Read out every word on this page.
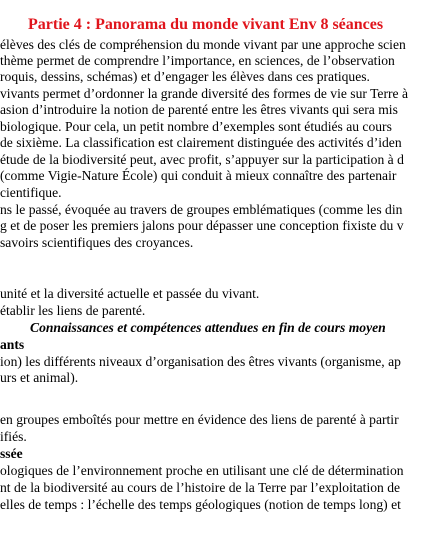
Partie 4 : Panorama du monde vivant Env 8 séances
élèves des clés de compréhension du monde vivant par une approche scien
thème permet de comprendre l’importance, en sciences, de l’observation
roquis, dessins, schémas) et d’engager les élèves dans ces pratiques.
vivants permet d’ordonner la grande diversité des formes de vie sur Terre à
asion d’introduire la notion de parenté entre les êtres vivants qui sera mis
biologique. Pour cela, un petit nombre d’exemples sont étudiés au cours
de sixième. La classification est clairement distinguée des activités d’iden
étude de la biodiversité peut, avec profit, s’appuyer sur la participation à d
(comme Vigie-Nature École) qui conduit à mieux connaître des partenair
cientifique.
ns le passé, évoquée au travers de groupes emblématiques (comme les din
g et de poser les premiers jalons pour dépasser une conception fixiste du v
savoirs scientifiques des croyances.
unité et la diversité actuelle et passée du vivant.
établir les liens de parenté.
Connaissances et compétences attendues en fin de cours moyen
ants
ion) les différents niveaux d’organisation des êtres vivants (organisme, ap
urs et animal).
en groupes emboîtés pour mettre en évidence des liens de parenté à partir
ifiés.
ssée
ologiques de l’environnement proche en utilisant une clé de détermination
nt de la biodiversité au cours de l’histoire de la Terre par l’exploitation de
elles de temps : l’échelle des temps géologiques (notion de temps long) et
